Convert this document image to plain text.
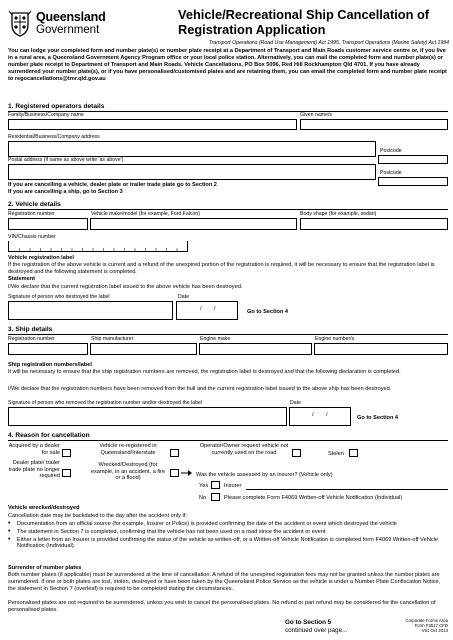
Queensland
Government
Vehicle/Recreational Ship Cancellation of
Registration Application
Transport Operations (Road Use Management) Act 1995, Transport Operations (Marine Safety) Act 1994
You can lodge your completed form and number plate(s) or number plate receipt at a Department of Transport and Main Roads customer service centre or, if you live in a rural area, a Queensland Government Agency Program office or your local police station. Alternatively, you can mail the completed form and number plate(s) or number plate receipt to Department of Transport and Main Roads, Vehicle Cancellations, PO Box 5096, Red Hill Rockhampton Qld 4701. If you have already surrendered your number plate(s), or if you have personalised/customised plates and are retaining them, you can email the completed form and number plate receipt to regocancellations@tmr.qld.gov.au
1. Registered operators details
Family/Business/Company name	Given name/s
Residential/Business/Company address
Postcode
Postal address (if same as above write 'as above')
Postcode
If you are cancelling a vehicle, dealer plate or trailer trade plate go to Section 2
If you are cancelling a ship, go to Section 3
2. Vehicle details
Registration number	Vehicle make/model (for example, Ford Falcon)	Body shape (for example, sedan)
VIN/Chassis number
Vehicle registration label
If the registration of the above vehicle is current and a refund of the unexpired portion of the registration is required, it will be necessary to ensure that the registration label is destroyed and the following statement is completed.
Statement
I/We declare that the current registration label issued to the above vehicle has been destroyed.
Signature of person who destroyed the label	Date
/        /	Go to Section 4
3. Ship details
Registration number	Ship manufacturer	Engine make	Engine number/s
Ship registration numbers/label
It will be necessary to ensure that the ship registration numbers are removed, the registration label is destroyed and that the following declaration is completed.
I/We declare that the registration numbers have been removed from the hull and the current registration label issued to the above ship has been destroyed.
Signature of person who removed the registration number and/or destroyed the label	Date
/        /	Go to Section 4
4. Reason for cancellation
Acquired by a dealer for sale
Vehicle re-registered in Queensland/Interstate
Operator/Owner request vehicle not currently used on the road	Stolen
Dealer plate/ trailer trade plate no longer required
Wrecked/Destroyed (for example, in an accident, a fire or a flood)
Was the vehicle assessed by an insurer? (Vehicle only)
Yes	Insurer
No	Please complete Form F4069 Written-off Vehicle Notification (Individual)
Vehicle wrecked/destroyed
Cancellation date may be backdated to the day after the accident only if:
• Documentation from an official source (for example, Insurer or Police) is provided confirming the date of the accident or event which destroyed the vehicle
• The statement in Section 7 is completed, confirming that the vehicle has not been used on a road since the accident or event
• Either a letter from an Insurer is provided confirming the status of the vehicle as written-off, or a Written-off Vehicle Notification is completed form F4069 Written-off Vehicle Notification (Individual).
Surrender of number plates
Both number plates (if applicable) must be surrendered at the time of cancellation. A refund of the unexpired registration fees may not be granted unless the number plates are surrendered. If one or both plates are lost, stolen, destroyed or have been taken by the Queensland Police Service as the vehicle is under a Number Plate Confiscation Notice, the statement in Section 7 (overleaf) is required to be completed stating the circumstances.
Personalised plates are not required to be surrendered, unless you wish to cancel the personalised plates. No refund or part refund may be considered for the cancellation of personalised plates.
Go to Section 5
continued over page...
Corporate Forms Area
Form F3517 CFD
V01 Oct 2013
